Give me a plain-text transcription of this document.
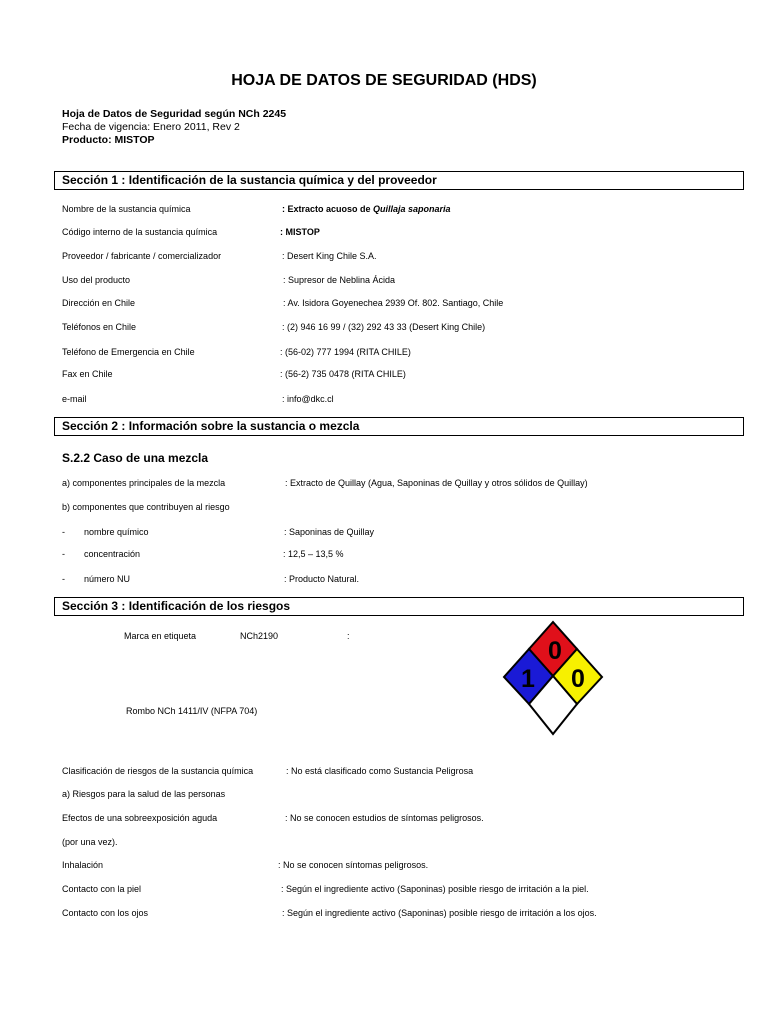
HOJA DE DATOS DE SEGURIDAD (HDS)
Hoja de Datos de Seguridad según NCh 2245
Fecha de vigencia: Enero 2011, Rev 2
Producto: MISTOP
Sección 1 : Identificación de la sustancia química y del proveedor
Nombre de la sustancia química	: Extracto acuoso de Quillaja saponaria
Código interno de la sustancia química	: MISTOP
Proveedor / fabricante / comercializador	: Desert King Chile S.A.
Uso del producto	: Supresor de Neblina Ácida
Dirección en Chile	: Av. Isidora Goyenechea 2939 Of. 802. Santiago, Chile
Teléfonos en Chile	: (2) 946 16 99 / (32) 292 43 33 (Desert King Chile)
Teléfono de Emergencia en Chile	: (56-02) 777 1994 (RITA CHILE)
Fax en Chile	: (56-2) 735 0478 (RITA CHILE)
e-mail	: info@dkc.cl
Sección 2 : Información sobre la sustancia o mezcla
S.2.2 Caso de una mezcla
a) componentes principales de la mezcla	: Extracto de Quillay (Agua, Saponinas de Quillay y otros sólidos de Quillay)
b) componentes que contribuyen al riesgo
- nombre químico	: Saponinas de Quillay
- concentración	: 12,5 – 13,5 %
- número NU	: Producto Natural.
Sección 3 : Identificación de los riesgos
Marca en etiqueta	NCh2190	:
Rombo NCh 1411/IV (NFPA 704)
0
1 0
Clasificación de riesgos de la sustancia química	: No está clasificado como Sustancia Peligrosa
a) Riesgos para la salud de las personas
Efectos de una sobreexposición aguda	: No se conocen estudios de síntomas peligrosos.
(por una vez).
Inhalación	: No se conocen síntomas peligrosos.
Contacto con la piel	: Según el ingrediente activo (Saponinas) posible riesgo de irritación a la piel.
Contacto con los ojos	: Según el ingrediente activo (Saponinas) posible riesgo de irritación a los ojos.
